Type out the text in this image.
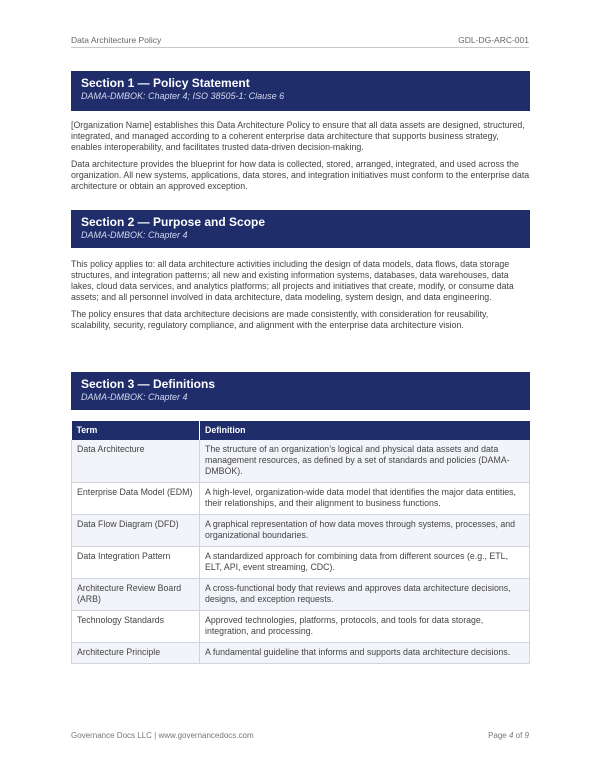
Data Architecture Policy	GDL-DG-ARC-001
Section 1 — Policy Statement
DAMA-DMBOK: Chapter 4; ISO 38505-1: Clause 6

[Organization Name] establishes this Data Architecture Policy to ensure that all data assets are designed, structured, integrated, and managed according to a coherent enterprise data architecture that supports business strategy, enables interoperability, and facilitates trusted data-driven decision-making.

Data architecture provides the blueprint for how data is collected, stored, arranged, integrated, and used across the organization. All new systems, applications, data stores, and integration initiatives must conform to the enterprise data architecture or obtain an approved exception.

Section 2 — Purpose and Scope
DAMA-DMBOK: Chapter 4

This policy applies to: all data architecture activities including the design of data models, data flows, data storage structures, and integration patterns; all new and existing information systems, databases, data warehouses, data lakes, cloud data services, and analytics platforms; all projects and initiatives that create, modify, or consume data assets; and all personnel involved in data architecture, data modeling, system design, and data engineering.

The policy ensures that data architecture decisions are made consistently, with consideration for reusability, scalability, security, regulatory compliance, and alignment with the enterprise data architecture vision.

Section 3 — Definitions
DAMA-DMBOK: Chapter 4
Term	Definition
Data Architecture	The structure of an organization’s logical and physical data assets and data management resources, as defined by a set of standards and policies (DAMA-DMBOK).
Enterprise Data Model (EDM)	A high-level, organization-wide data model that identifies the major data entities, their relationships, and their alignment to business functions.
Data Flow Diagram (DFD)	A graphical representation of how data moves through systems, processes, and organizational boundaries.
Data Integration Pattern	A standardized approach for combining data from different sources (e.g., ETL, ELT, API, event streaming, CDC).
Architecture Review Board (ARB)	A cross-functional body that reviews and approves data architecture decisions, designs, and exception requests.
Technology Standards	Approved technologies, platforms, protocols, and tools for data storage, integration, and processing.
Architecture Principle	A fundamental guideline that informs and supports data architecture decisions.
Governance Docs LLC | www.governancedocs.com	Page 4 of 9
